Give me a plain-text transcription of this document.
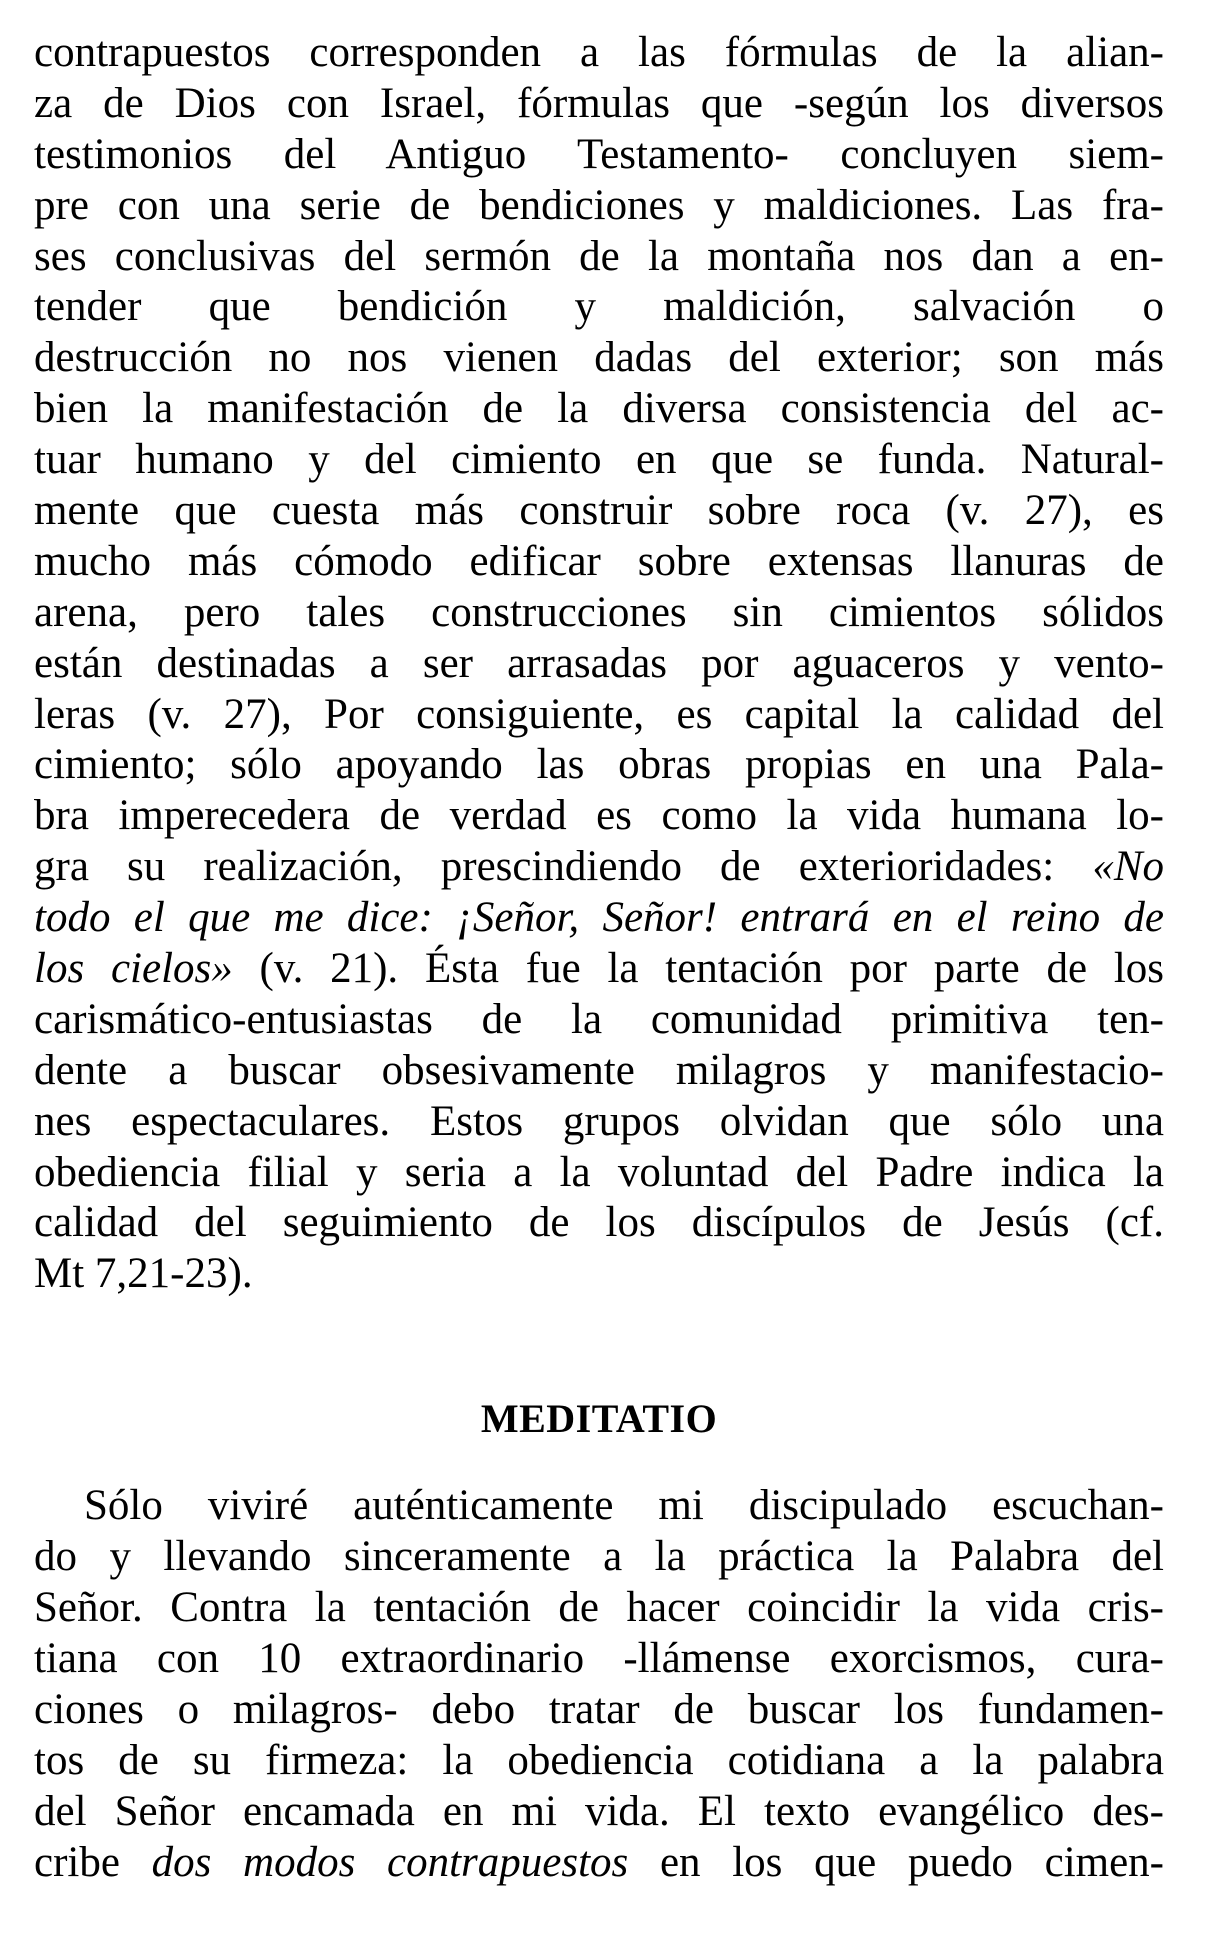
contrapuestos corresponden a las fórmulas de la alian-
za de Dios con Israel, fórmulas que -según los diversos
testimonios del Antiguo Testamento- concluyen siem-
pre con una serie de bendiciones y maldiciones. Las fra-
ses conclusivas del sermón de la montaña nos dan a en-
tender que bendición y maldición, salvación o
destrucción no nos vienen dadas del exterior; son más
bien la manifestación de la diversa consistencia del ac-
tuar humano y del cimiento en que se funda. Natural-
mente que cuesta más construir sobre roca (v. 27), es
mucho más cómodo edificar sobre extensas llanuras de
arena, pero tales construcciones sin cimientos sólidos
están destinadas a ser arrasadas por aguaceros y vento-
leras (v. 27), Por consiguiente, es capital la calidad del
cimiento; sólo apoyando las obras propias en una Pala-
bra imperecedera de verdad es como la vida humana lo-
gra su realización, prescindiendo de exterioridades: «No
todo el que me dice: ¡Señor, Señor! entrará en el reino de
los cielos» (v. 21). Ésta fue la tentación por parte de los
carismático-entusiastas de la comunidad primitiva ten-
dente a buscar obsesivamente milagros y manifestacio-
nes espectaculares. Estos grupos olvidan que sólo una
obediencia filial y seria a la voluntad del Padre indica la
calidad del seguimiento de los discípulos de Jesús (cf.
Mt 7,21-23).
MEDITATIO
Sólo viviré auténticamente mi discipulado escuchan-
do y llevando sinceramente a la práctica la Palabra del
Señor. Contra la tentación de hacer coincidir la vida cris-
tiana con 10 extraordinario -llámense exorcismos, cura-
ciones o milagros- debo tratar de buscar los fundamen-
tos de su firmeza: la obediencia cotidiana a la palabra
del Señor encamada en mi vida. El texto evangélico des-
cribe dos modos contrapuestos en los que puedo cimen-
